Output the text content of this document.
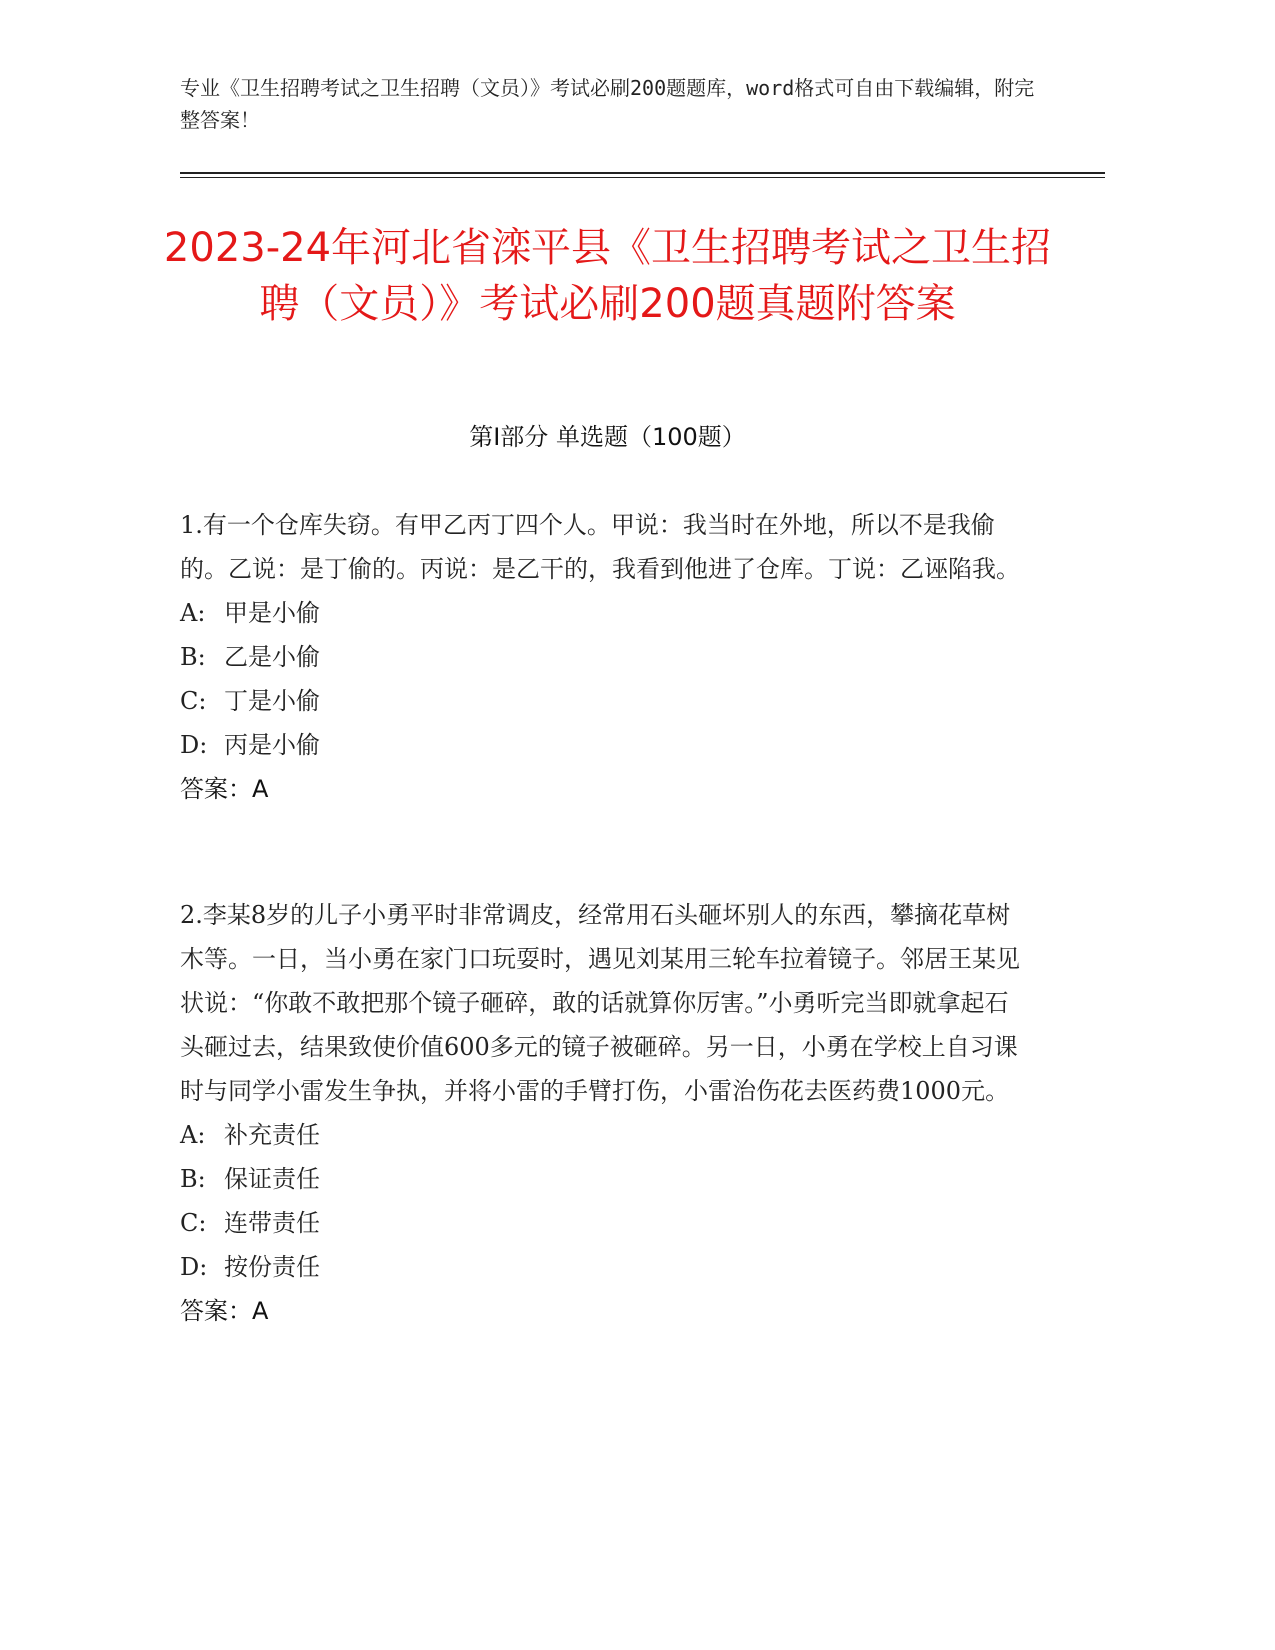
专业《卫生招聘考试之卫生招聘（文员）》考试必刷200题题库，word格式可自由下载编辑，附完整答案！
2023-24年河北省滦平县《卫生招聘考试之卫生招聘（文员）》考试必刷200题真题附答案
第Ⅰ部分 单选题（100题）

1.有一个仓库失窃。有甲乙丙丁四个人。甲说：我当时在外地，所以不是我偷的。乙说：是丁偷的。丙说：是乙干的，我看到他进了仓库。丁说：乙诬陷我。

A: 甲是小偷

B: 乙是小偷

C: 丁是小偷

D: 丙是小偷

答案：A

2.李某8岁的儿子小勇平时非常调皮，经常用石头砸坏别人的东西，攀摘花草树木等。一日，当小勇在家门口玩耍时，遇见刘某用三轮车拉着镜子。邻居王某见状说：“你敢不敢把那个镜子砸碎，敢的话就算你厉害。”小勇听完当即就拿起石头砸过去，结果致使价值600多元的镜子被砸碎。另一日，小勇在学校上自习课时与同学小雷发生争执，并将小雷的手臂打伤，小雷治伤花去医药费1000元。

A: 补充责任

B: 保证责任

C: 连带责任

D: 按份责任

答案：A
